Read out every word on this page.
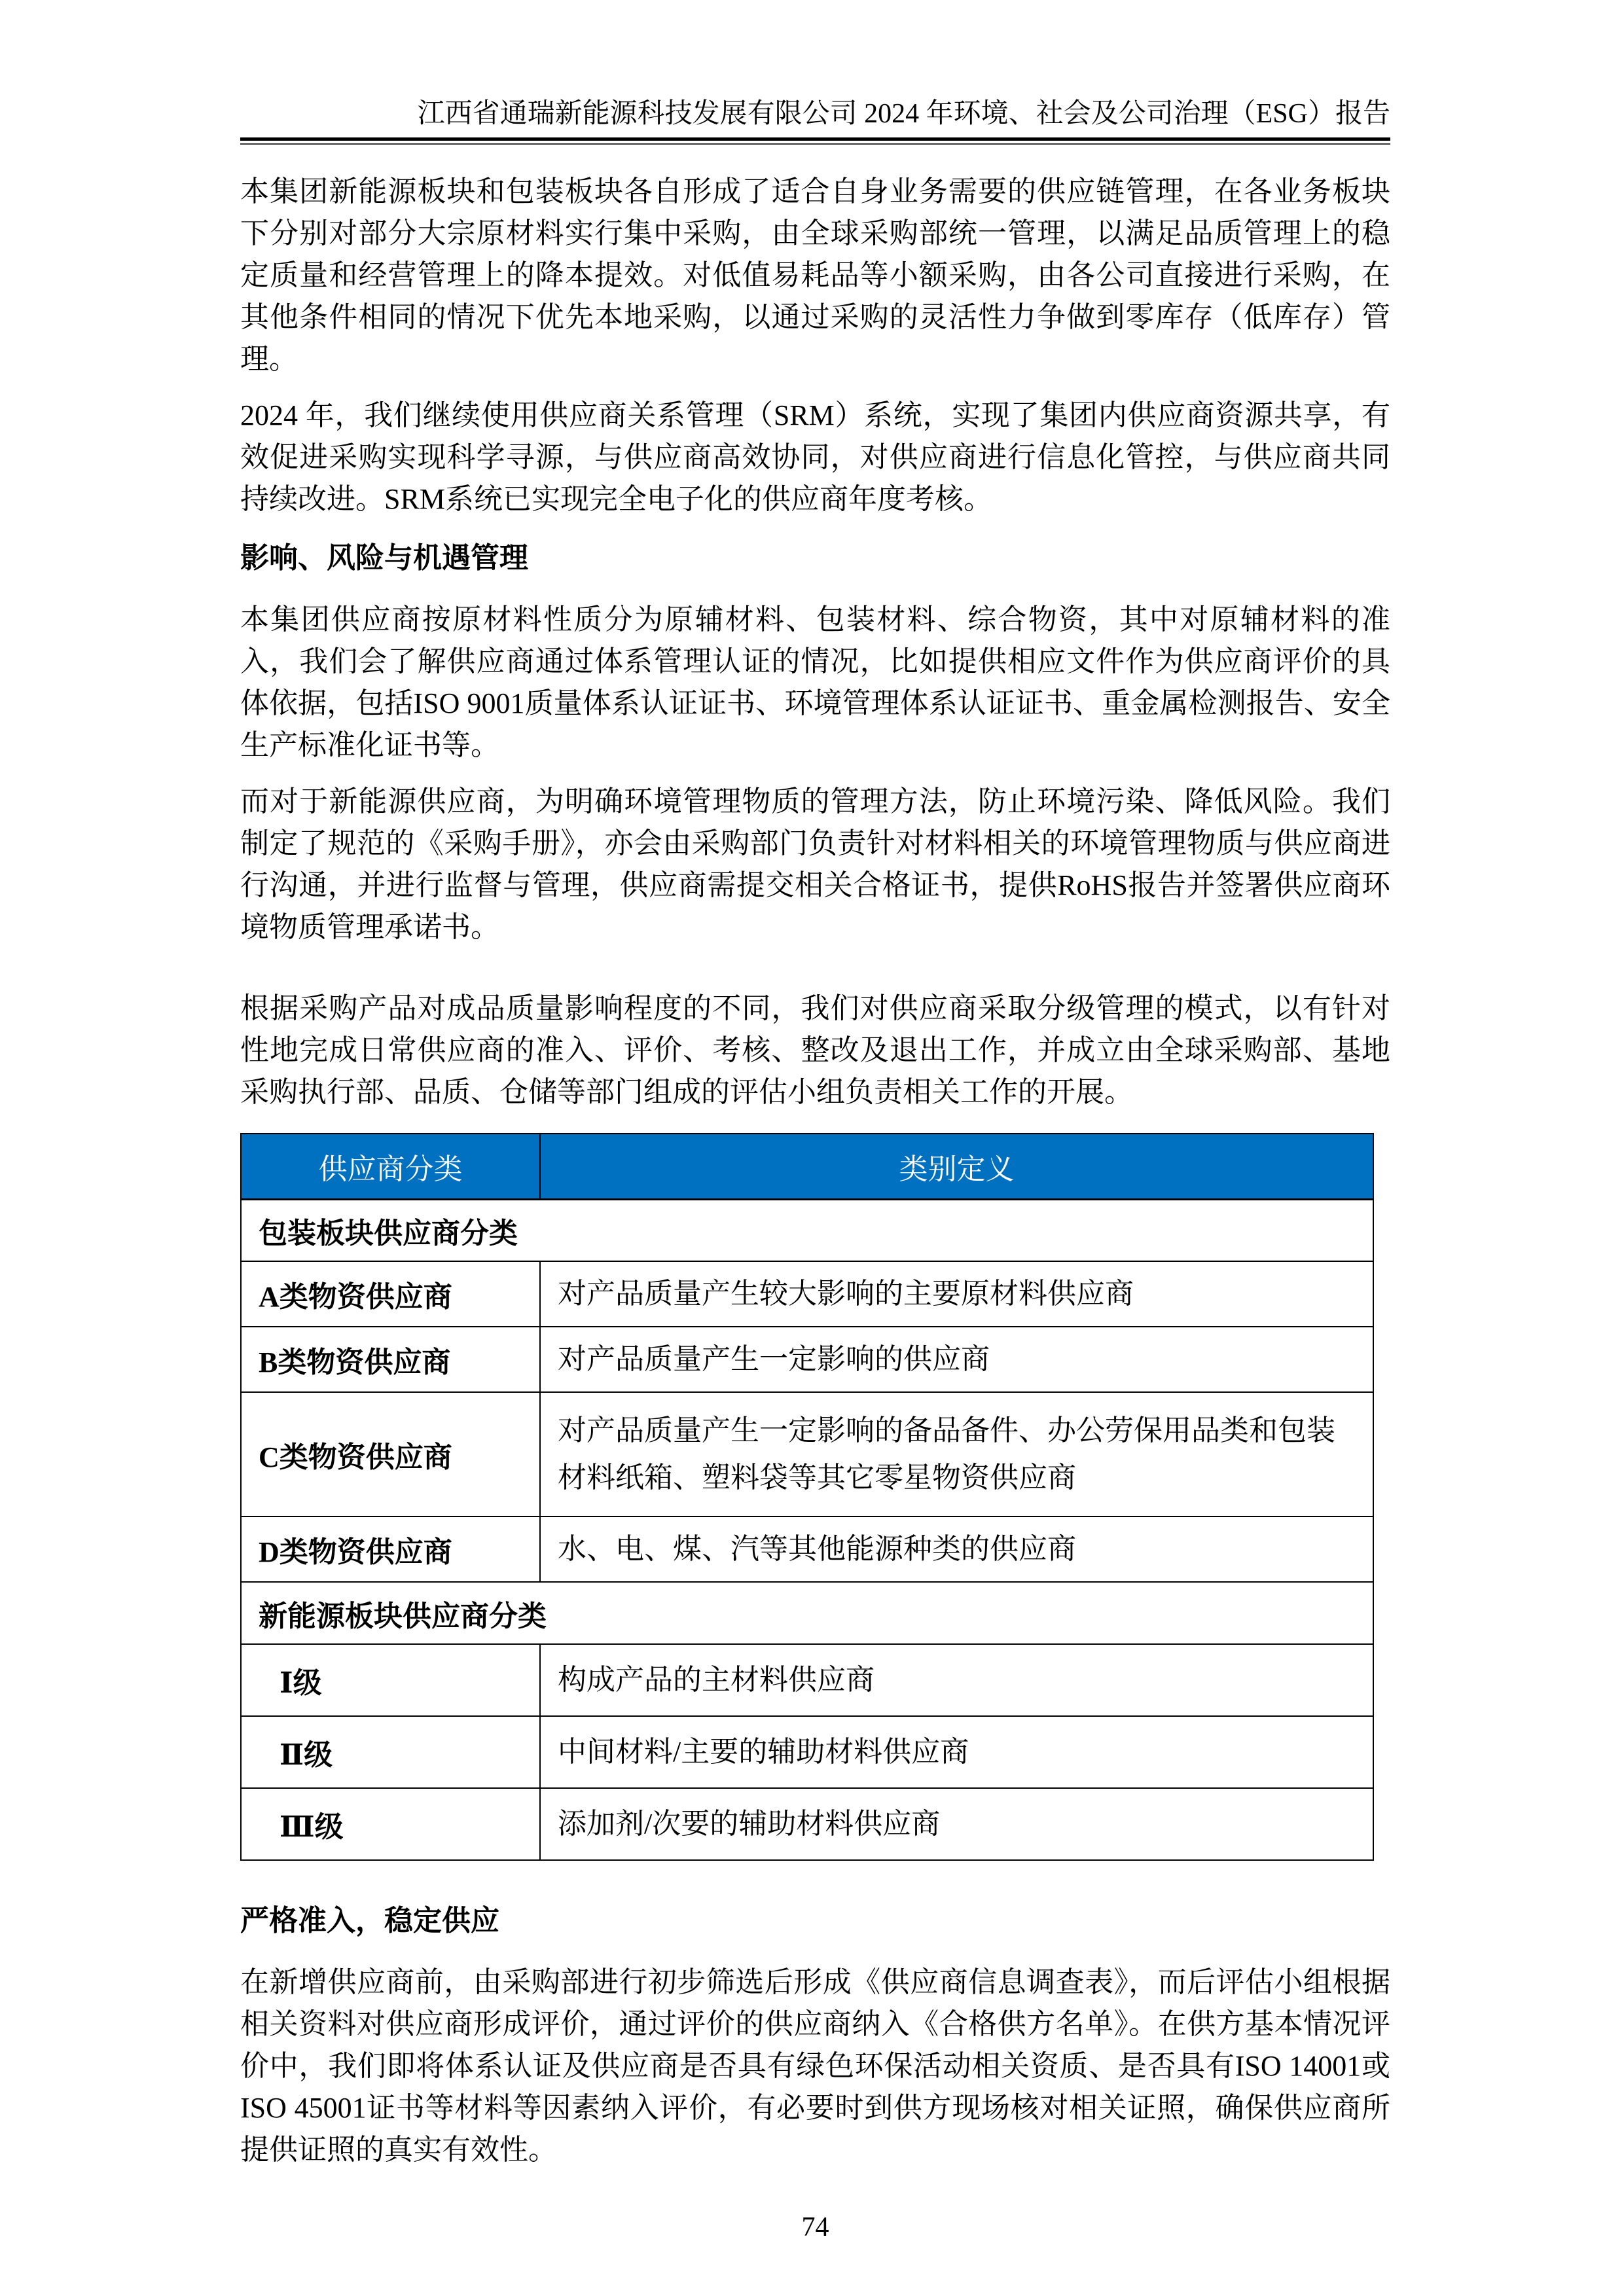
江西省通瑞新能源科技发展有限公司 2024 年环境、社会及公司治理（ESG）报告

本集团新能源板块和包装板块各自形成了适合自身业务需要的供应链管理，在各业务板块下分别对部分大宗原材料实行集中采购，由全球采购部统一管理，以满足品质管理上的稳定质量和经营管理上的降本提效。对低值易耗品等小额采购，由各公司直接进行采购，在其他条件相同的情况下优先本地采购，以通过采购的灵活性力争做到零库存（低库存）管理。

2024 年，我们继续使用供应商关系管理（SRM）系统，实现了集团内供应商资源共享，有效促进采购实现科学寻源，与供应商高效协同，对供应商进行信息化管控，与供应商共同持续改进。SRM系统已实现完全电子化的供应商年度考核。

影响、风险与机遇管理

本集团供应商按原材料性质分为原辅材料、包装材料、综合物资，其中对原辅材料的准入，我们会了解供应商通过体系管理认证的情况，比如提供相应文件作为供应商评价的具体依据，包括ISO 9001质量体系认证证书、环境管理体系认证证书、重金属检测报告、安全生产标准化证书等。

而对于新能源供应商，为明确环境管理物质的管理方法，防止环境污染、降低风险。我们制定了规范的《采购手册》，亦会由采购部门负责针对材料相关的环境管理物质与供应商进行沟通，并进行监督与管理，供应商需提交相关合格证书，提供RoHS报告并签署供应商环境物质管理承诺书。

根据采购产品对成品质量影响程度的不同，我们对供应商采取分级管理的模式，以有针对性地完成日常供应商的准入、评价、考核、整改及退出工作，并成立由全球采购部、基地采购执行部、品质、仓储等部门组成的评估小组负责相关工作的开展。

供应商分类	类别定义
包装板块供应商分类	
A类物资供应商	对产品质量产生较大影响的主要原材料供应商
B类物资供应商	对产品质量产生一定影响的供应商
C类物资供应商	对产品质量产生一定影响的备品备件、办公劳保用品类和包装材料纸箱、塑料袋等其它零星物资供应商
D类物资供应商	水、电、煤、汽等其他能源种类的供应商
新能源板块供应商分类	
Ⅰ级	构成产品的主材料供应商
Ⅱ级	中间材料/主要的辅助材料供应商
Ⅲ级	添加剂/次要的辅助材料供应商
严格准入，稳定供应

在新增供应商前，由采购部进行初步筛选后形成《供应商信息调查表》，而后评估小组根据相关资料对供应商形成评价，通过评价的供应商纳入《合格供方名单》。在供方基本情况评价中，我们即将体系认证及供应商是否具有绿色环保活动相关资质、是否具有ISO 14001或ISO 45001证书等材料等因素纳入评价，有必要时到供方现场核对相关证照，确保供应商所提供证照的真实有效性。

74
